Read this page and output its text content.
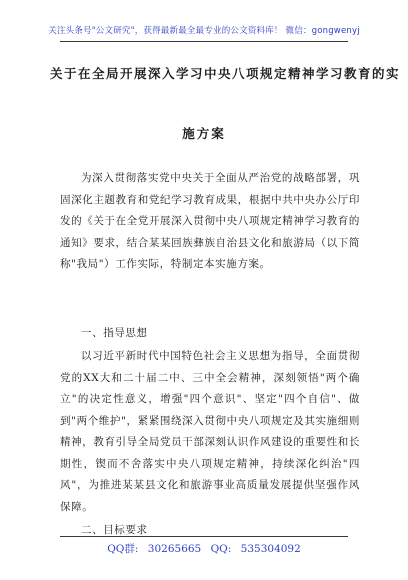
关注头条号"公文研究"，获得最新最全最专业的公文资料库！ 微信：gongwenyj
关于在全局开展深入学习中央八项规定精神学习教育的实
施方案
为深入贯彻落实党中央关于全面从严治党的战略部署，巩固深化主题教育和党纪学习教育成果，根据中共中央办公厅印发的《关于在全党开展深入贯彻中央八项规定精神学习教育的通知》要求，结合某某回族彝族自治县文化和旅游局（以下简称"我局"）工作实际，特制定本实施方案。
一、指导思想
以习近平新时代中国特色社会主义思想为指导，全面贯彻党的XX大和二十届二中、三中全会精神，深刻领悟"两个确立"的决定性意义，增强"四个意识"、坚定"四个自信"、做到"两个维护"，紧紧围绕深入贯彻中央八项规定及其实施细则精神，教育引导全局党员干部深刻认识作风建设的重要性和长期性，锲而不舍落实中央八项规定精神，持续深化纠治"四风"，为推进某某县文化和旅游事业高质量发展提供坚强作风保障。
二、目标要求
QQ群: 30265665 QQ: 535304092
